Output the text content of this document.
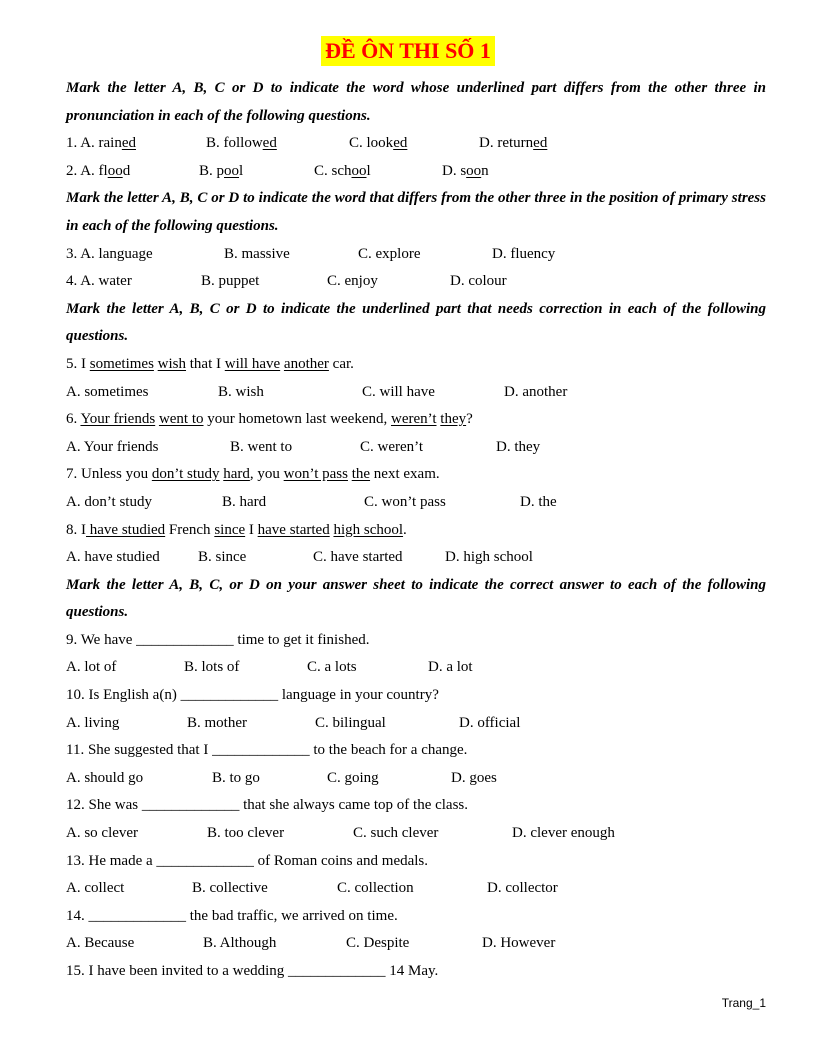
ĐỀ ÔN THI SỐ 1
Mark the letter A, B, C or D to indicate the word whose underlined part differs from the other three in pronunciation in each of the following questions.
1. A. rained	B. followed	C. looked	D. returned
2. A. flood	B. pool	C. school	D. soon
Mark the letter A, B, C or D to indicate the word that differs from the other three in the position of primary stress in each of the following questions.
3. A. language	B. massive	C. explore	D. fluency
4. A. water	B. puppet	C. enjoy	D. colour
Mark the letter A, B, C or D to indicate the underlined part that needs correction in each of the following questions.
5. I sometimes wish that I will have another car.
A. sometimes	B. wish	C. will have	D. another
6. Your friends went to your hometown last weekend, weren’t they?
A. Your friends	B. went to	C. weren’t	D. they
7. Unless you don’t study hard, you won’t pass the next exam.
A. don’t study	B. hard	C. won’t pass	D. the
8. I have studied French since I have started high school.
A. have studied	B. since	C. have started	D. high school
Mark the letter A, B, C, or D on your answer sheet to indicate the correct answer to each of the following questions.
9. We have _____________ time to get it finished.
A. lot of	B. lots of	C. a lots	D. a lot
10. Is English a(n) _____________ language in your country?
A. living	B. mother	C. bilingual	D. official
11. She suggested that I _____________ to the beach for a change.
A. should go	B. to go	C. going	D. goes
12. She was _____________ that she always came top of the class.
A. so clever	B. too clever	C. such clever	D. clever enough
13. He made a _____________ of Roman coins and medals.
A. collect	B. collective	C. collection	D. collector
14. _____________ the bad traffic, we arrived on time.
A. Because	B. Although	C. Despite	D. However
15. I have been invited to a wedding _____________ 14 May.
Trang_1
